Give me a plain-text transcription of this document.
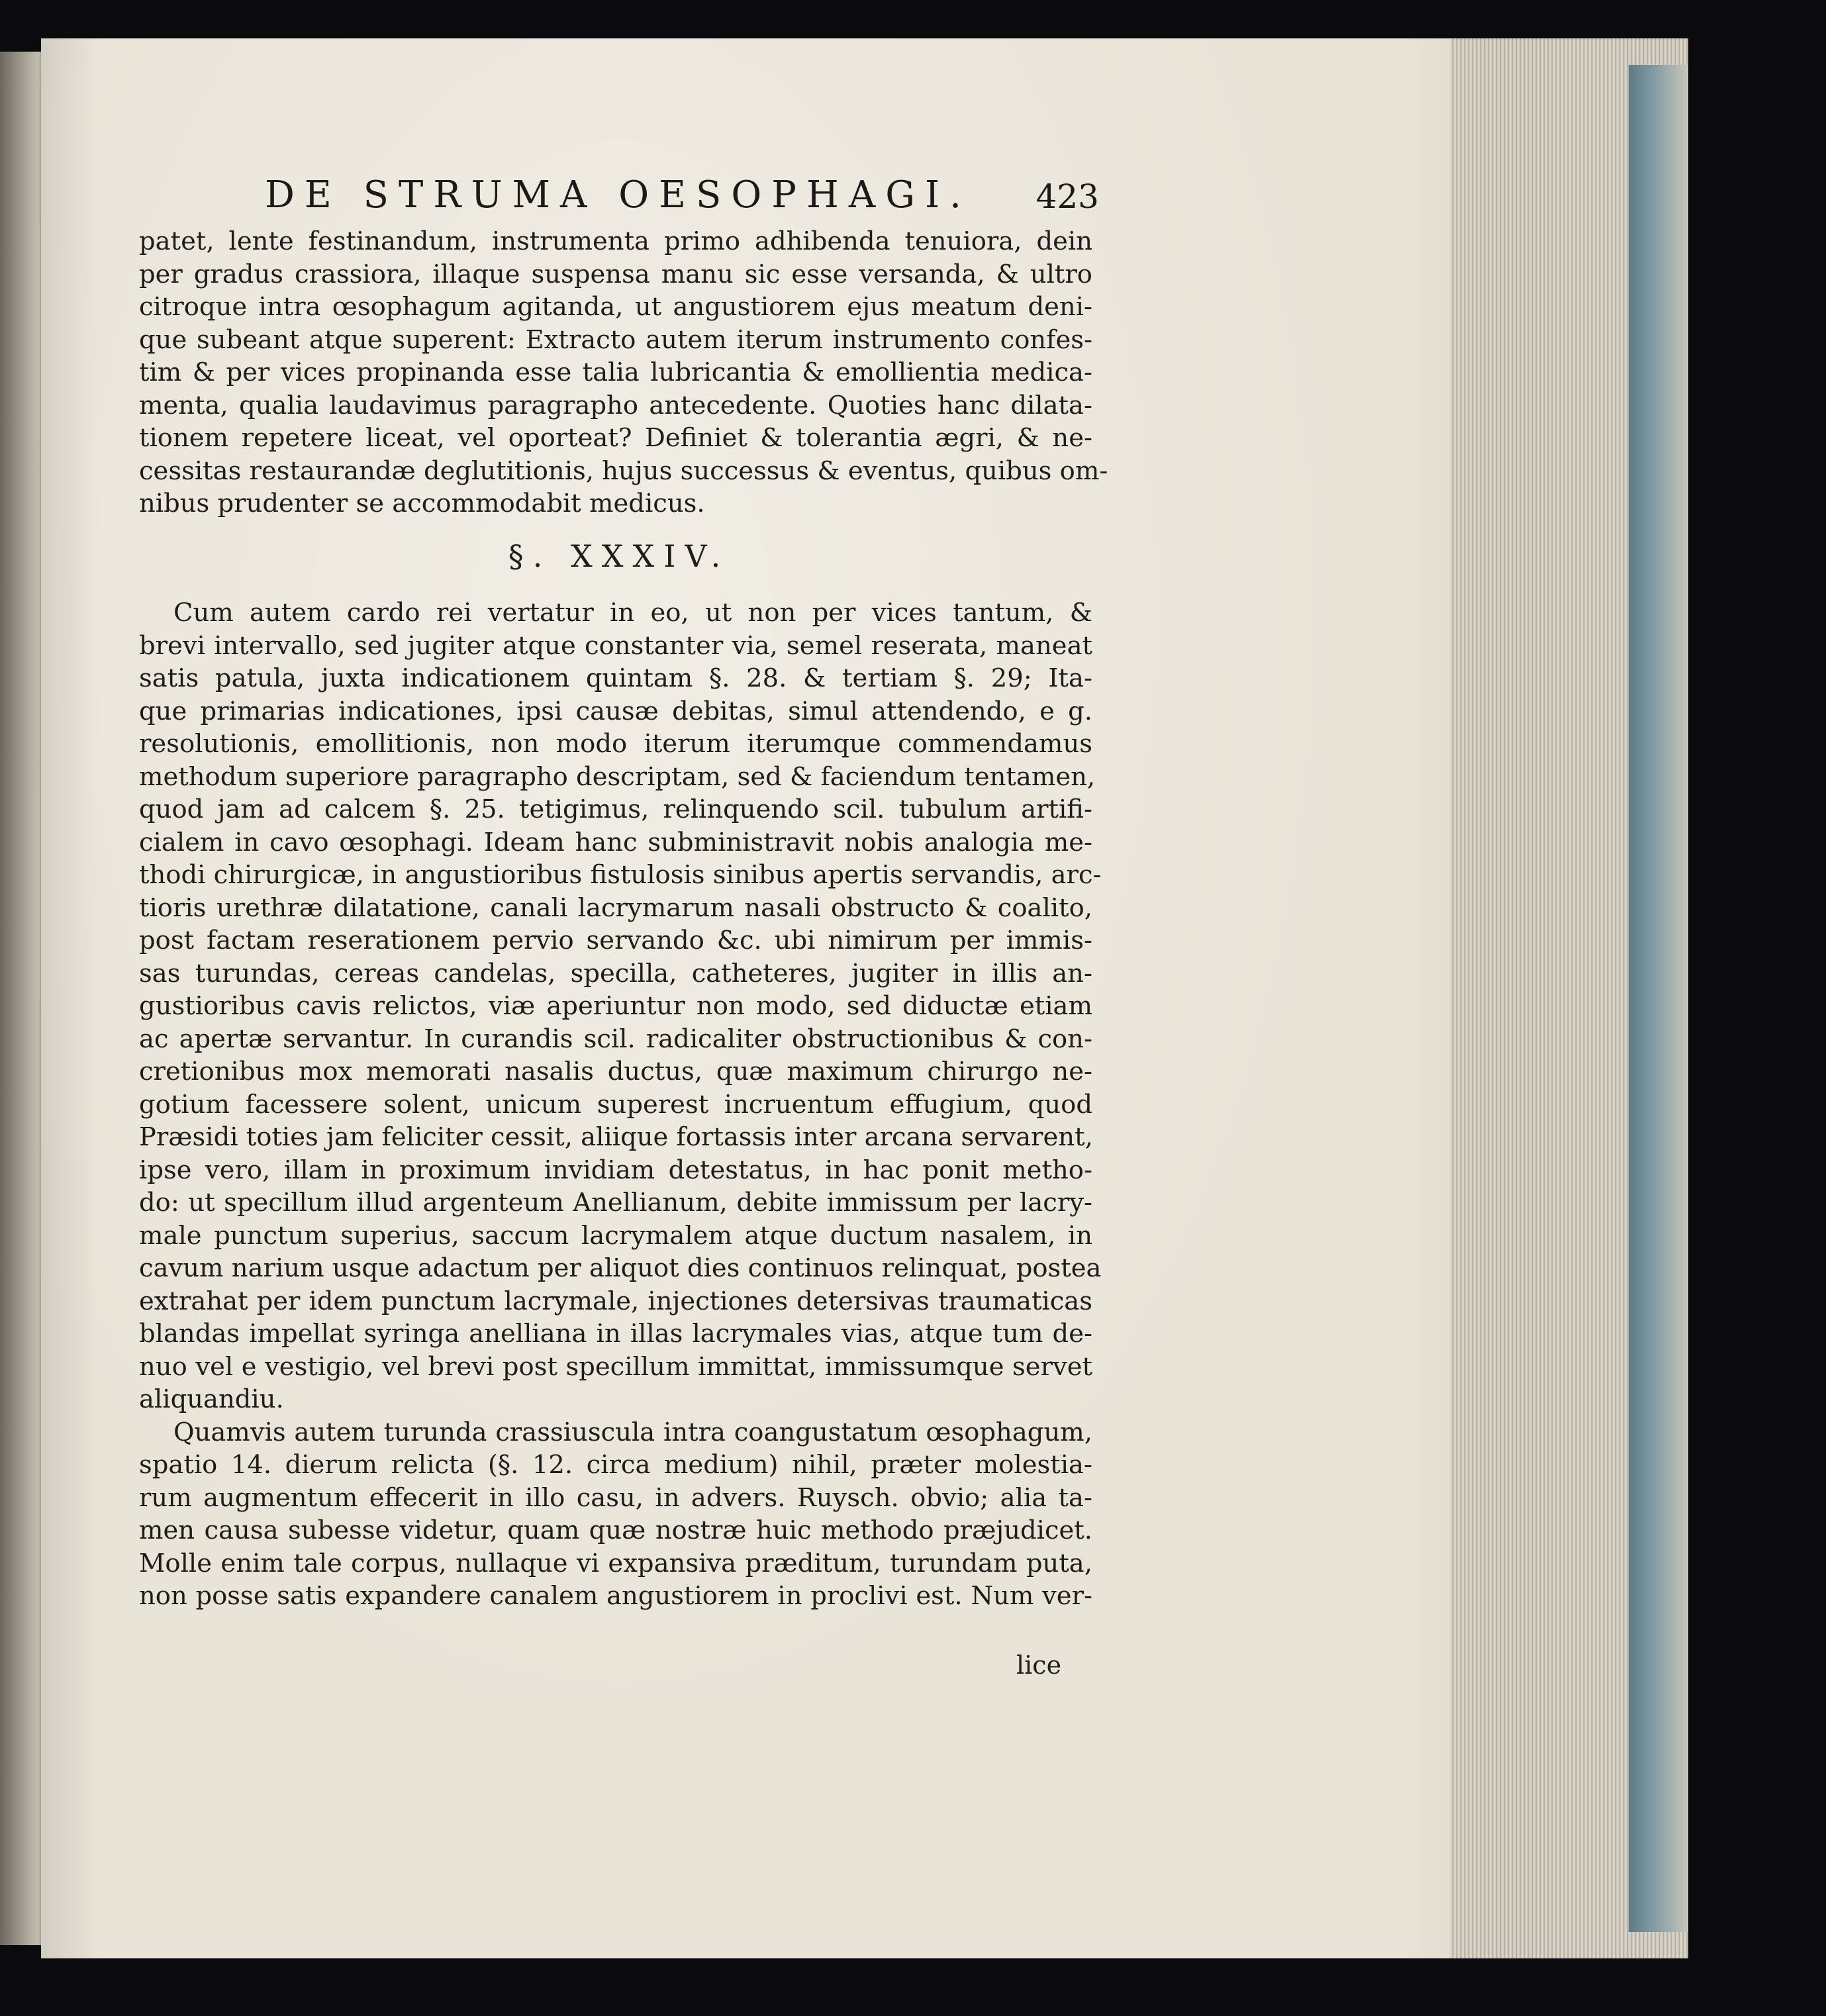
DE STRUMA OESOPHAGI. 423
patet, lente festinandum, instrumenta primo adhibenda tenuiora, dein
per gradus crassiora, illaque suspensa manu sic esse versanda, & ultro
citroque intra œsophagum agitanda, ut angustiorem ejus meatum deni-
que subeant atque superent: Extracto autem iterum instrumento confes-
tim & per vices propinanda esse talia lubricantia & emollientia medica-
menta, qualia laudavimus paragrapho antecedente. Quoties hanc dilata-
tionem repetere liceat, vel oporteat? Definiet & tolerantia ægri, & ne-
cessitas restaurandæ deglutitionis, hujus successus & eventus, quibus om-
nibus prudenter se accommodabit medicus.
§. XXXIV.
Cum autem cardo rei vertatur in eo, ut non per vices tantum, &
brevi intervallo, sed jugiter atque constanter via, semel reserata, maneat
satis patula, juxta indicationem quintam §. 28. & tertiam §. 29; Ita-
que primarias indicationes, ipsi causæ debitas, simul attendendo, e g.
resolutionis, emollitionis, non modo iterum iterumque commendamus
methodum superiore paragrapho descriptam, sed & faciendum tentamen,
quod jam ad calcem §. 25. tetigimus, relinquendo scil. tubulum artifi-
cialem in cavo œsophagi. Ideam hanc subministravit nobis analogia me-
thodi chirurgicæ, in angustioribus fistulosis sinibus apertis servandis, arc-
tioris urethræ dilatatione, canali lacrymarum nasali obstructo & coalito,
post factam reserationem pervio servando &c. ubi nimirum per immis-
sas turundas, cereas candelas, specilla, catheteres, jugiter in illis an-
gustioribus cavis relictos, viæ aperiuntur non modo, sed diductæ etiam
ac apertæ servantur. In curandis scil. radicaliter obstructionibus & con-
cretionibus mox memorati nasalis ductus, quæ maximum chirurgo ne-
gotium facessere solent, unicum superest incruentum effugium, quod
Præsidi toties jam feliciter cessit, aliique fortassis inter arcana servarent,
ipse vero, illam in proximum invidiam detestatus, in hac ponit metho-
do: ut specillum illud argenteum Anellianum, debite immissum per lacry-
male punctum superius, saccum lacrymalem atque ductum nasalem, in
cavum narium usque adactum per aliquot dies continuos relinquat, postea
extrahat per idem punctum lacrymale, injectiones detersivas traumaticas
blandas impellat syringa anelliana in illas lacrymales vias, atque tum de-
nuo vel e vestigio, vel brevi post specillum immittat, immissumque servet
aliquandiu.
Quamvis autem turunda crassiuscula intra coangustatum œsophagum,
spatio 14. dierum relicta (§. 12. circa medium) nihil, præter molestia-
rum augmentum effecerit in illo casu, in advers. Ruysch. obvio; alia ta-
men causa subesse videtur, quam quæ nostræ huic methodo præjudicet.
Molle enim tale corpus, nullaque vi expansiva præditum, turundam puta,
non posse satis expandere canalem angustiorem in proclivi est. Num ver-
lice
